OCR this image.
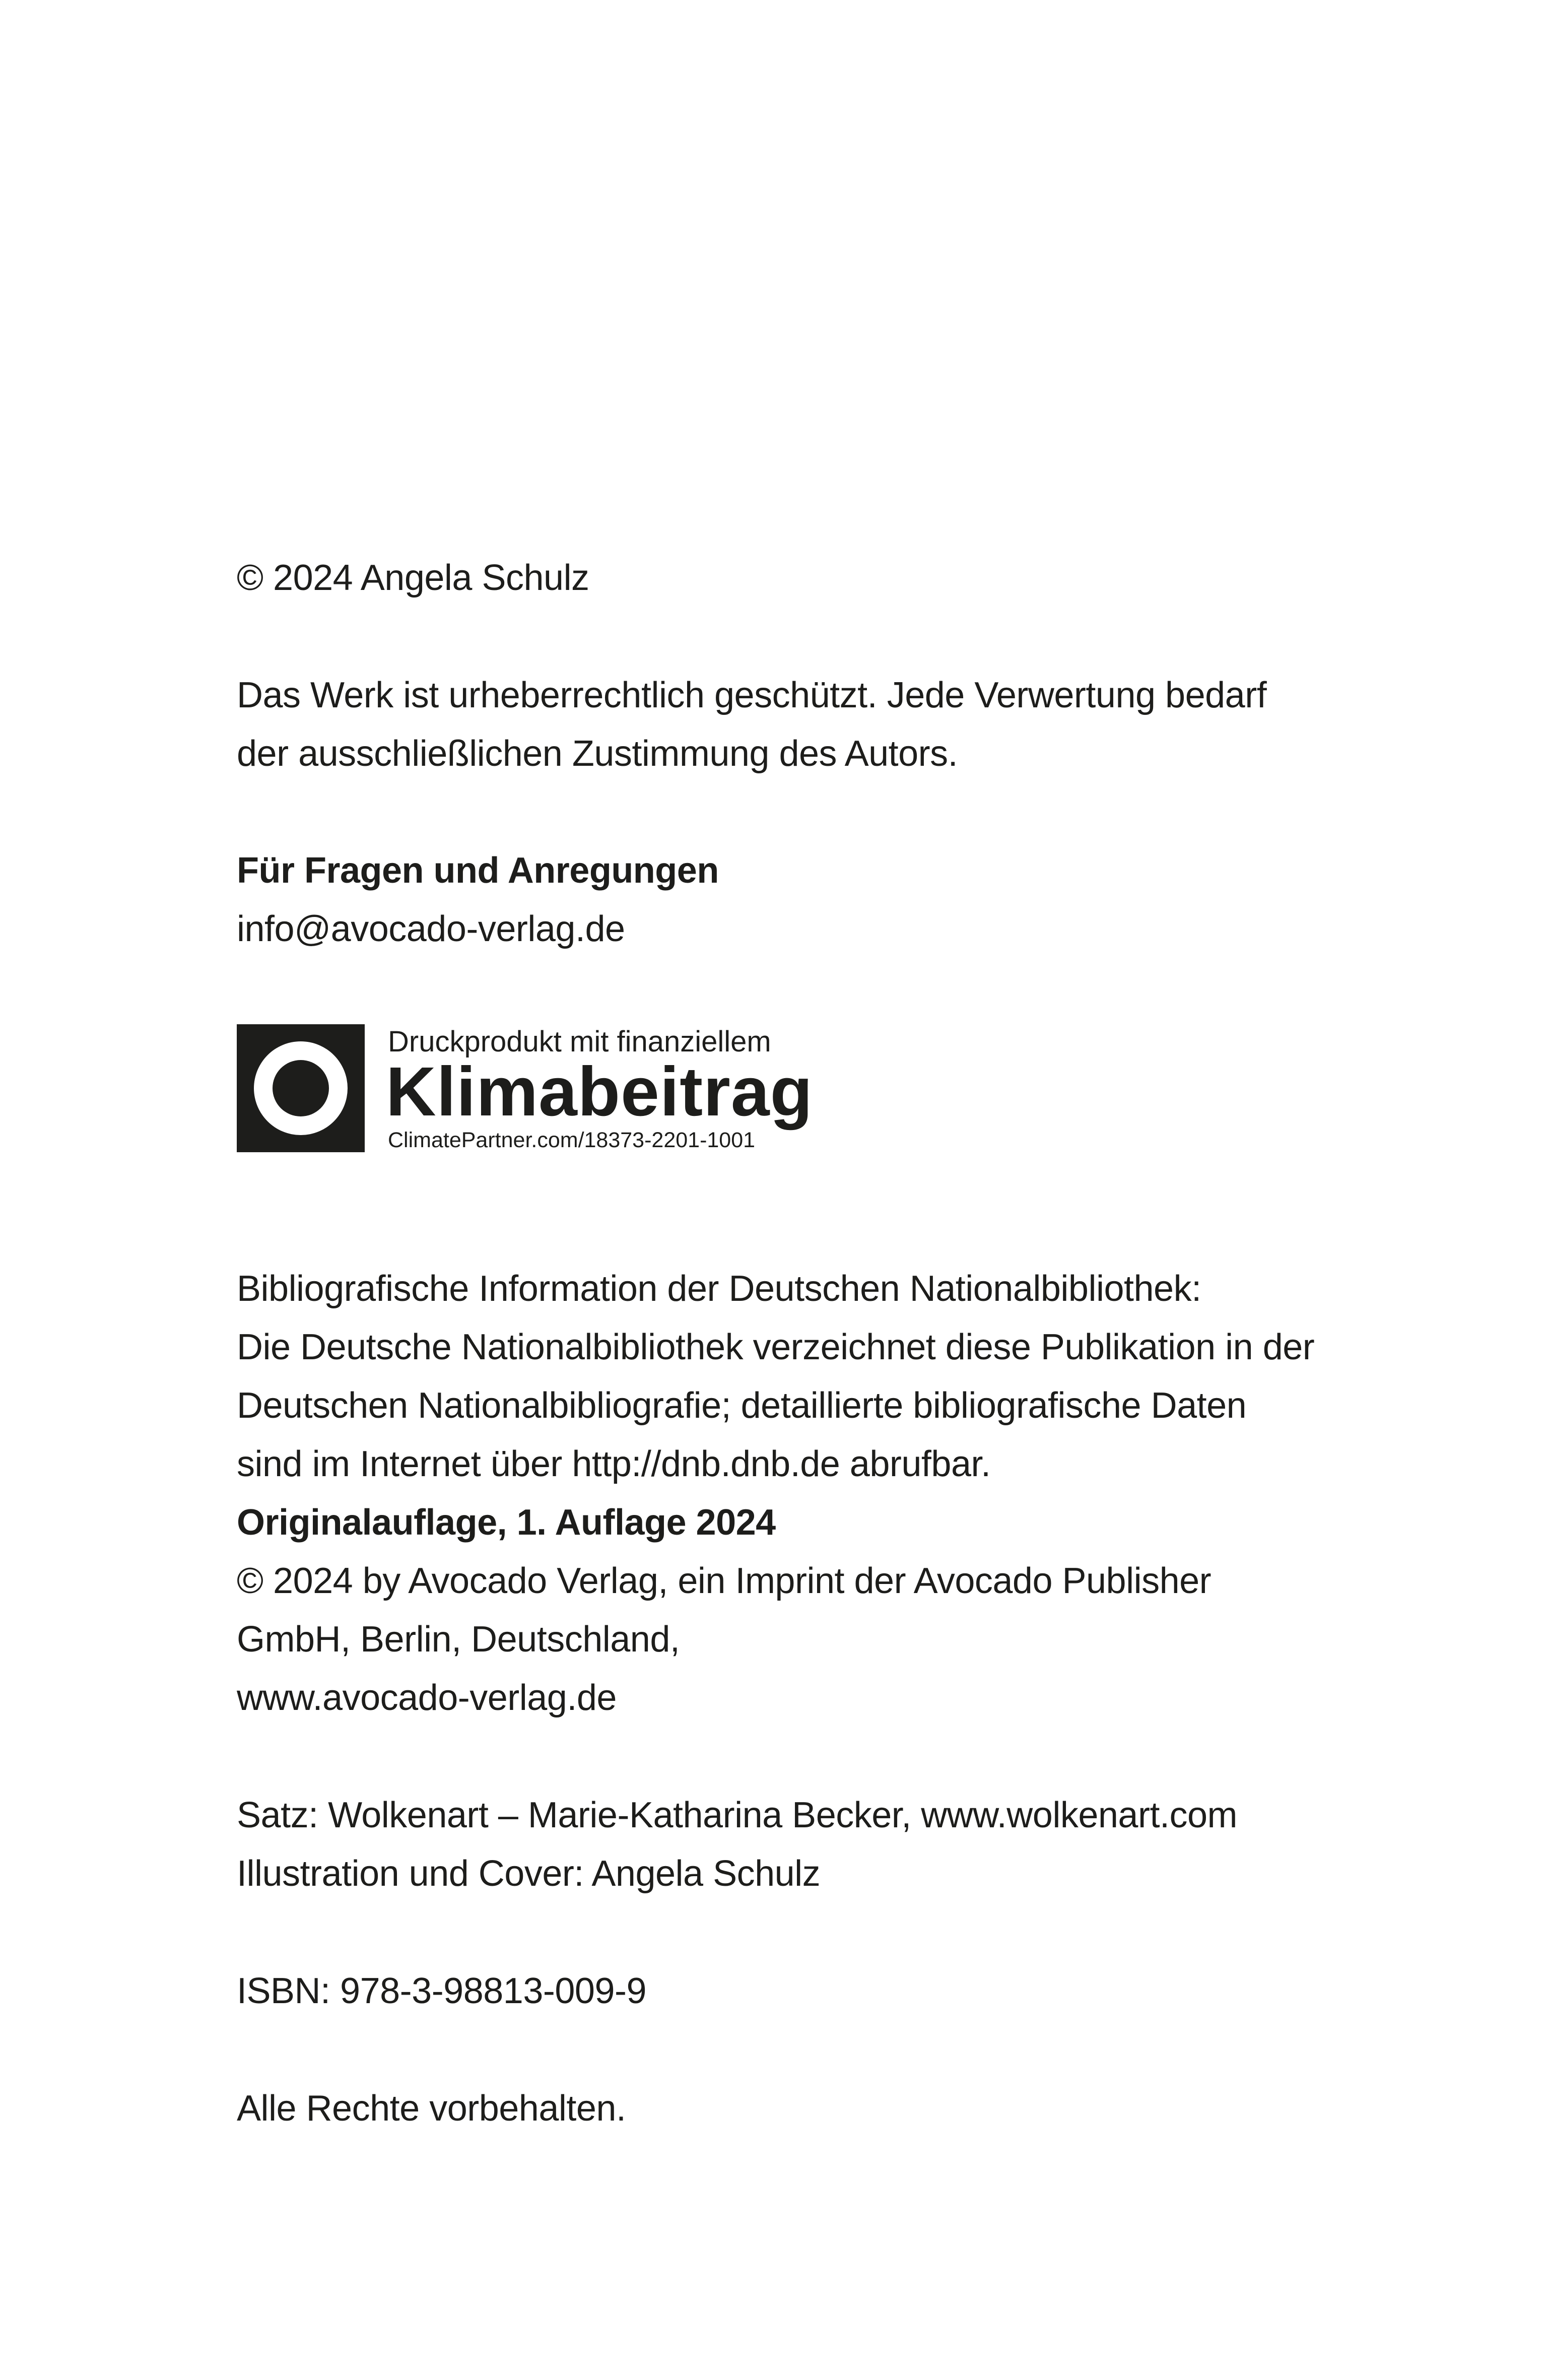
© 2024 Angela Schulz
Das Werk ist urheberrechtlich geschützt. Jede Verwertung bedarf
der ausschließlichen Zustimmung des Autors.
Für Fragen und Anregungen
info@avocado-verlag.de
Druckprodukt mit finanziellem
Klimabeitrag
ClimatePartner.com/18373-2201-1001
Bibliografische Information der Deutschen Nationalbibliothek:
Die Deutsche Nationalbibliothek verzeichnet diese Publikation in der
Deutschen Nationalbibliografie; detaillierte bibliografische Daten
sind im Internet über http://dnb.dnb.de abrufbar.
Originalauflage, 1. Auflage 2024
© 2024 by Avocado Verlag, ein Imprint der Avocado Publisher
GmbH, Berlin, Deutschland,
www.avocado-verlag.de
Satz: Wolkenart – Marie-Katharina Becker, www.wolkenart.com
Illustration und Cover: Angela Schulz
ISBN: 978-3-98813-009-9
Alle Rechte vorbehalten.
